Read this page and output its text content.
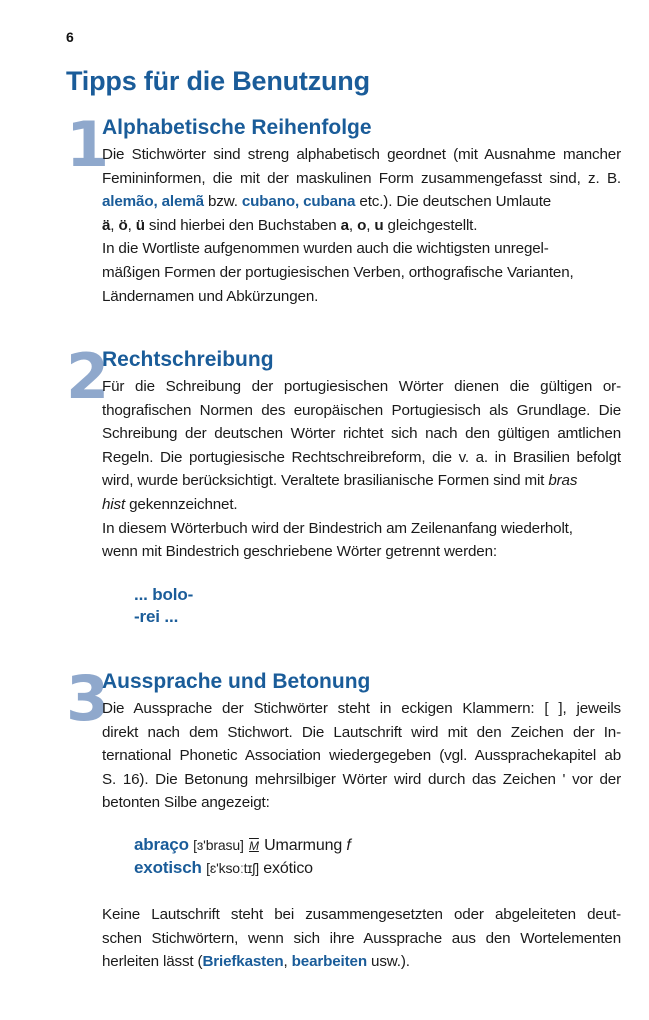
6
Tipps für die Benutzung
1
Alphabetische Reihenfolge
Die Stichwörter sind streng alphabetisch geordnet (mit Ausnahme mancher
Femininformen, die mit der maskulinen Form zusammengefasst sind, z. B.
alemão, alemã bzw. cubano, cubana etc.). Die deutschen Umlaute
ä, ö, ü sind hierbei den Buchstaben a, o, u gleichgestellt.
In die Wortliste aufgenommen wurden auch die wichtigsten unregel-
mäßigen Formen der portugiesischen Verben, orthografische Varianten,
Ländernamen und Abkürzungen.
2
Rechtschreibung
Für die Schreibung der portugiesischen Wörter dienen die gültigen or-
thografischen Normen des europäischen Portugiesisch als Grundlage. Die
Schreibung der deutschen Wörter richtet sich nach den gültigen amtlichen
Regeln. Die portugiesische Rechtschreibreform, die v. a. in Brasilien befolgt
wird, wurde berücksichtigt. Veraltete brasilianische Formen sind mit bras
hist gekennzeichnet.
In diesem Wörterbuch wird der Bindestrich am Zeilenanfang wiederholt,
wenn mit Bindestrich geschriebene Wörter getrennt werden:
... bolo-
-rei ...
3
Aussprache und Betonung
Die Aussprache der Stichwörter steht in eckigen Klammern: [ ], jeweils
direkt nach dem Stichwort. Die Lautschrift wird mit den Zeichen der In-
ternational Phonetic Association wiedergegeben (vgl. Aussprachekapitel ab
S. 16). Die Betonung mehrsilbiger Wörter wird durch das Zeichen ' vor der
betonten Silbe angezeigt:
abraço [ɜ'brasu] M Umarmung f
exotisch [ɛ'ksoːtɪʃ] exótico
Keine Lautschrift steht bei zusammengesetzten oder abgeleiteten deut-
schen Stichwörtern, wenn sich ihre Aussprache aus den Wortelementen
herleiten lässt (Briefkasten, bearbeiten usw.).
